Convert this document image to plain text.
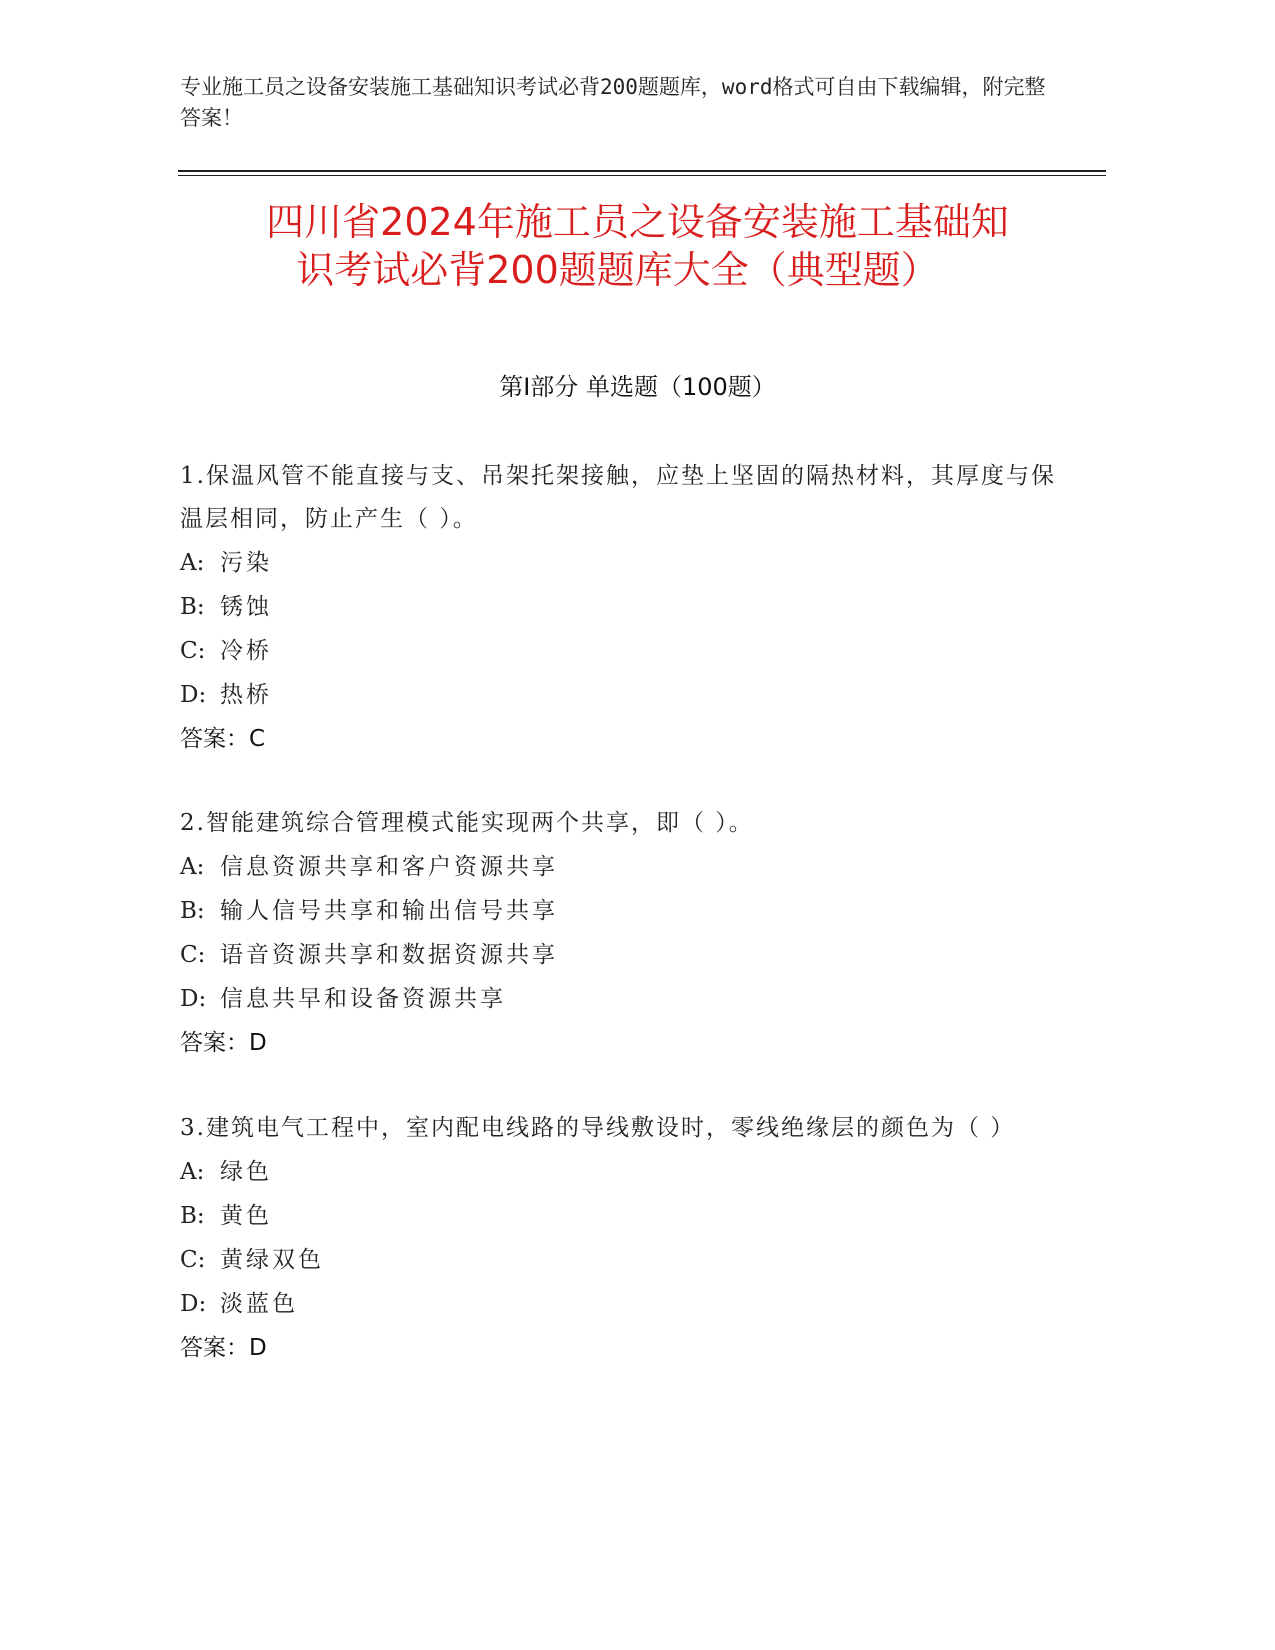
专业施工员之设备安装施工基础知识考试必背200题题库，word格式可自由下载编辑，附完整答案！
四川省2024年施工员之设备安装施工基础知
识考试必背200题题库大全（典型题）
第Ⅰ部分 单选题（100题）

1.保温风管不能直接与支、吊架托架接触，应垫上坚固的隔热材料，其厚度与保温层相同，防止产生（ ）。

A: 污染

B: 锈蚀

C: 冷桥

D: 热桥

答案：C

2.智能建筑综合管理模式能实现两个共享，即（ ）。

A: 信息资源共享和客户资源共享

B: 输人信号共享和输出信号共享

C: 语音资源共享和数据资源共享

D: 信息共早和设备资源共享

答案：D

3.建筑电气工程中，室内配电线路的导线敷设时，零线绝缘层的颜色为（ ）

A: 绿色

B: 黄色

C: 黄绿双色

D: 淡蓝色

答案：D
